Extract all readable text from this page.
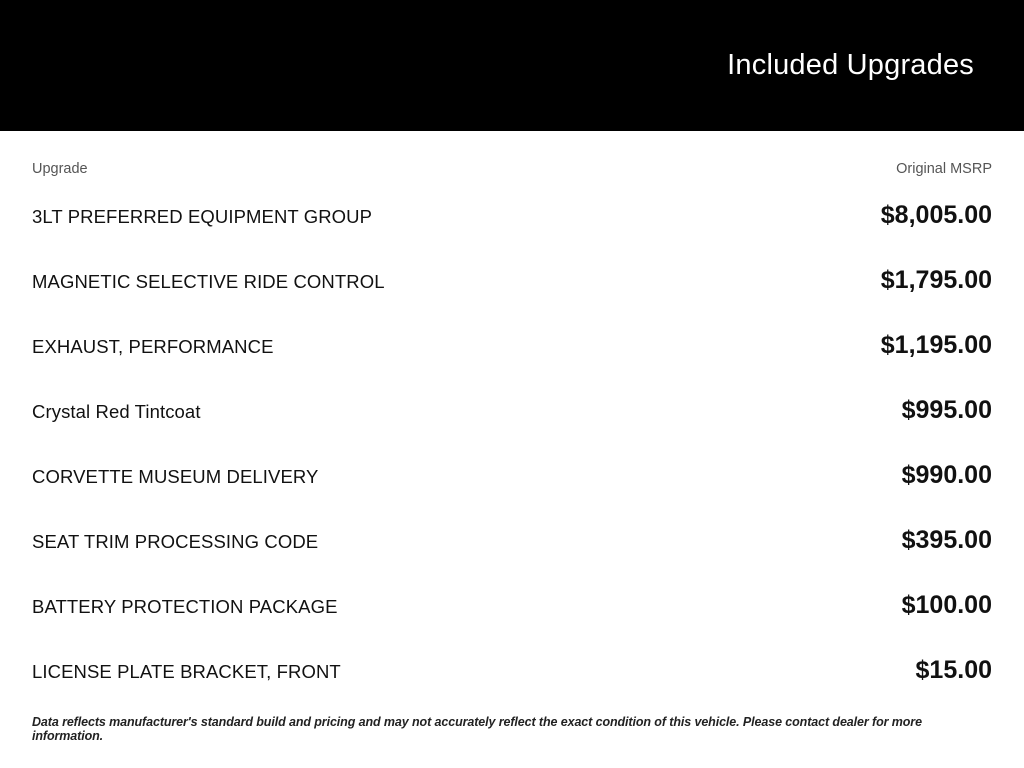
Included Upgrades
Upgrade	Original MSRP
3LT PREFERRED EQUIPMENT GROUP	$8,005.00
MAGNETIC SELECTIVE RIDE CONTROL	$1,795.00
EXHAUST, PERFORMANCE	$1,195.00
Crystal Red Tintcoat	$995.00
CORVETTE MUSEUM DELIVERY	$990.00
SEAT TRIM PROCESSING CODE	$395.00
BATTERY PROTECTION PACKAGE	$100.00
LICENSE PLATE BRACKET, FRONT	$15.00
Data reflects manufacturer's standard build and pricing and may not accurately reflect the exact condition of this vehicle. Please contact dealer for more information.
